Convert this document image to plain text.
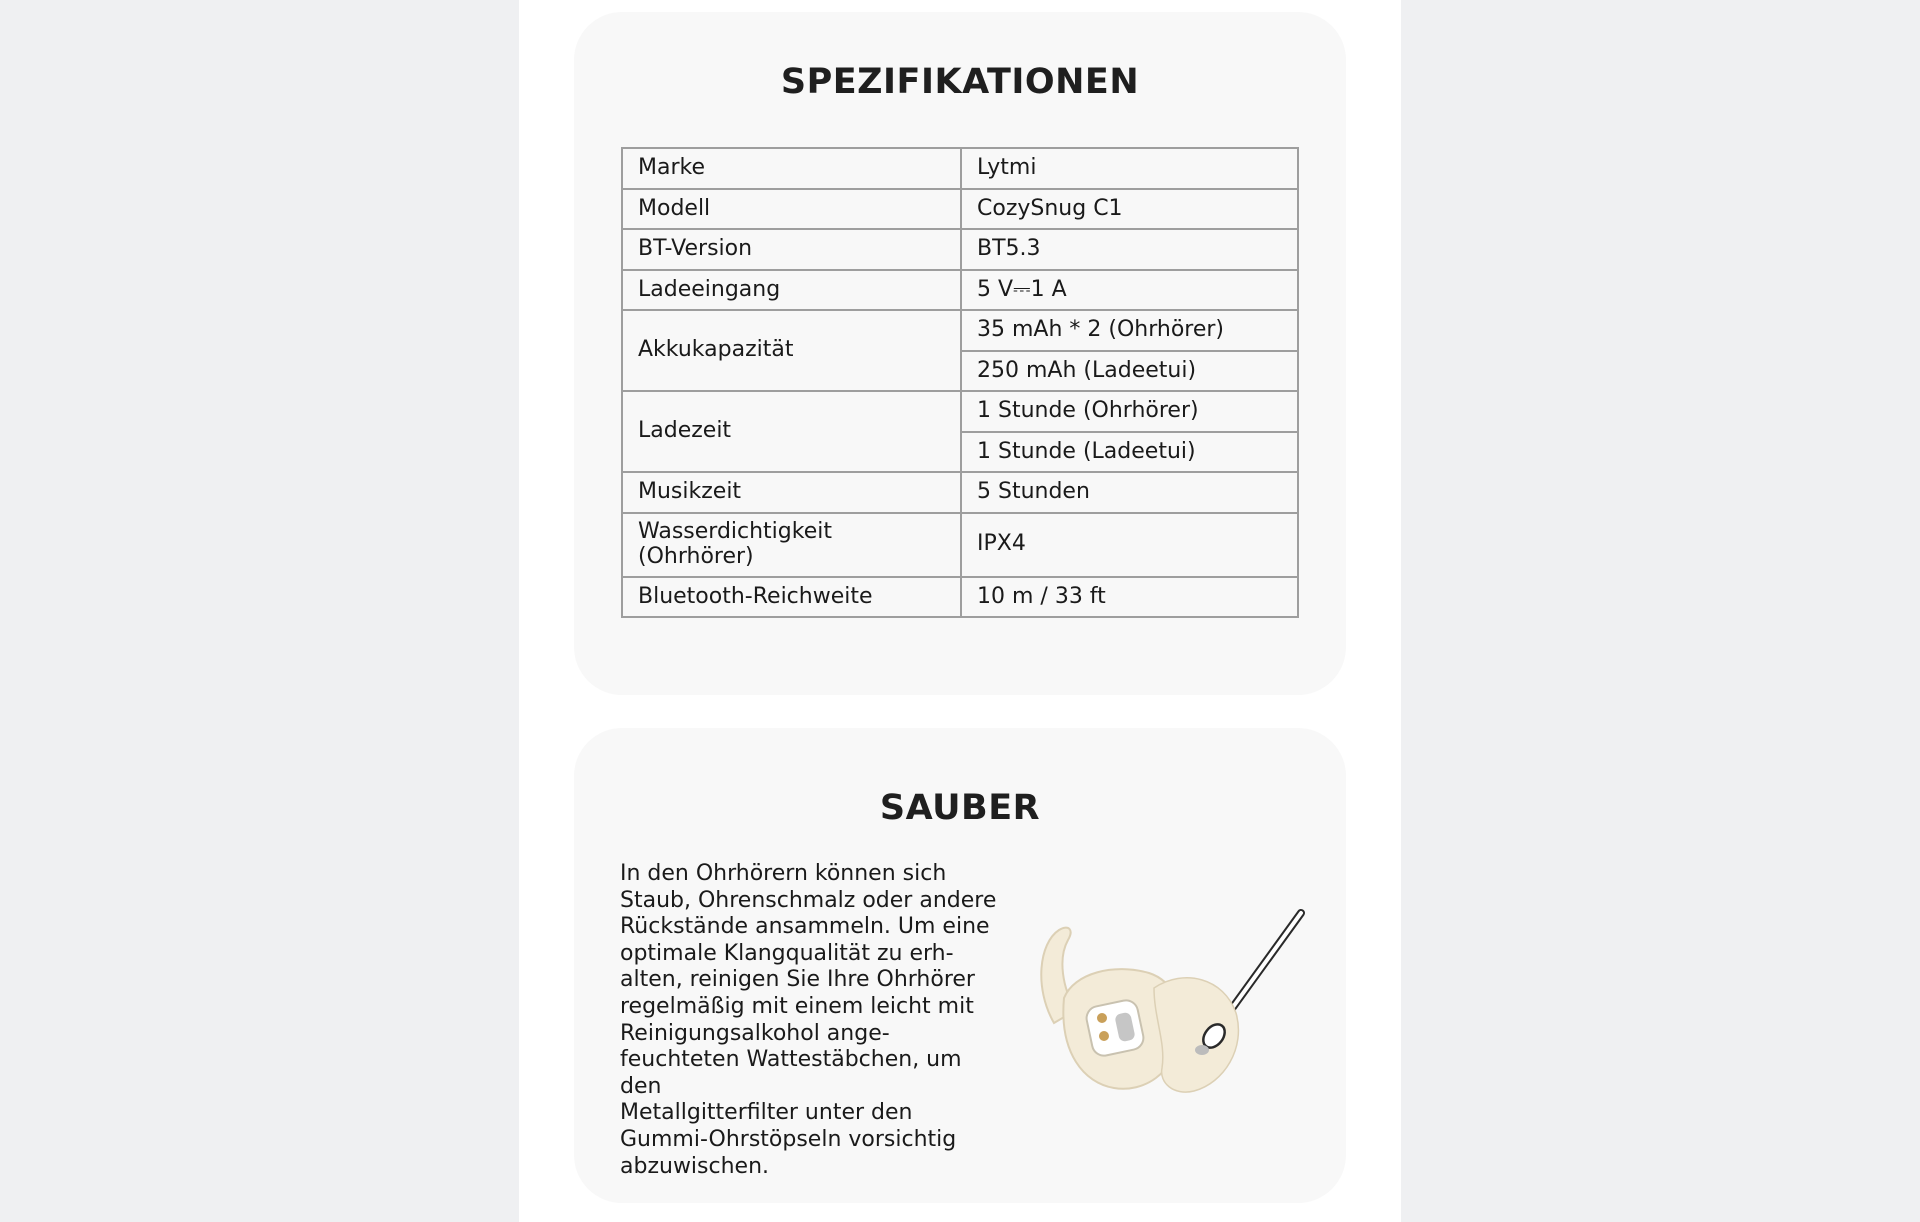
SPEZIFIKATIONEN
Marke	Lytmi
Modell	CozySnug C1
BT-Version	BT5.3
Ladeeingang	5 V⎓1 A
Akkukapazität	35 mAh * 2 (Ohrhörer)
	250 mAh (Ladeetui)
Ladezeit	1 Stunde (Ohrhörer)
	1 Stunde (Ladeetui)
Musikzeit	5 Stunden
Wasserdichtigkeit
(Ohrhörer)	IPX4
Bluetooth-Reichweite	10 m / 33 ft
SAUBER

In den Ohrhörern können sich
Staub, Ohrenschmalz oder andere
Rückstände ansammeln. Um eine
optimale Klangqualität zu erh-
alten, reinigen Sie Ihre Ohrhörer
regelmäßig mit einem leicht mit
Reinigungsalkohol ange-
feuchteten Wattestäbchen, um
den
Metallgitterfilter unter den
Gummi-Ohrstöpseln vorsichtig
abzuwischen.
